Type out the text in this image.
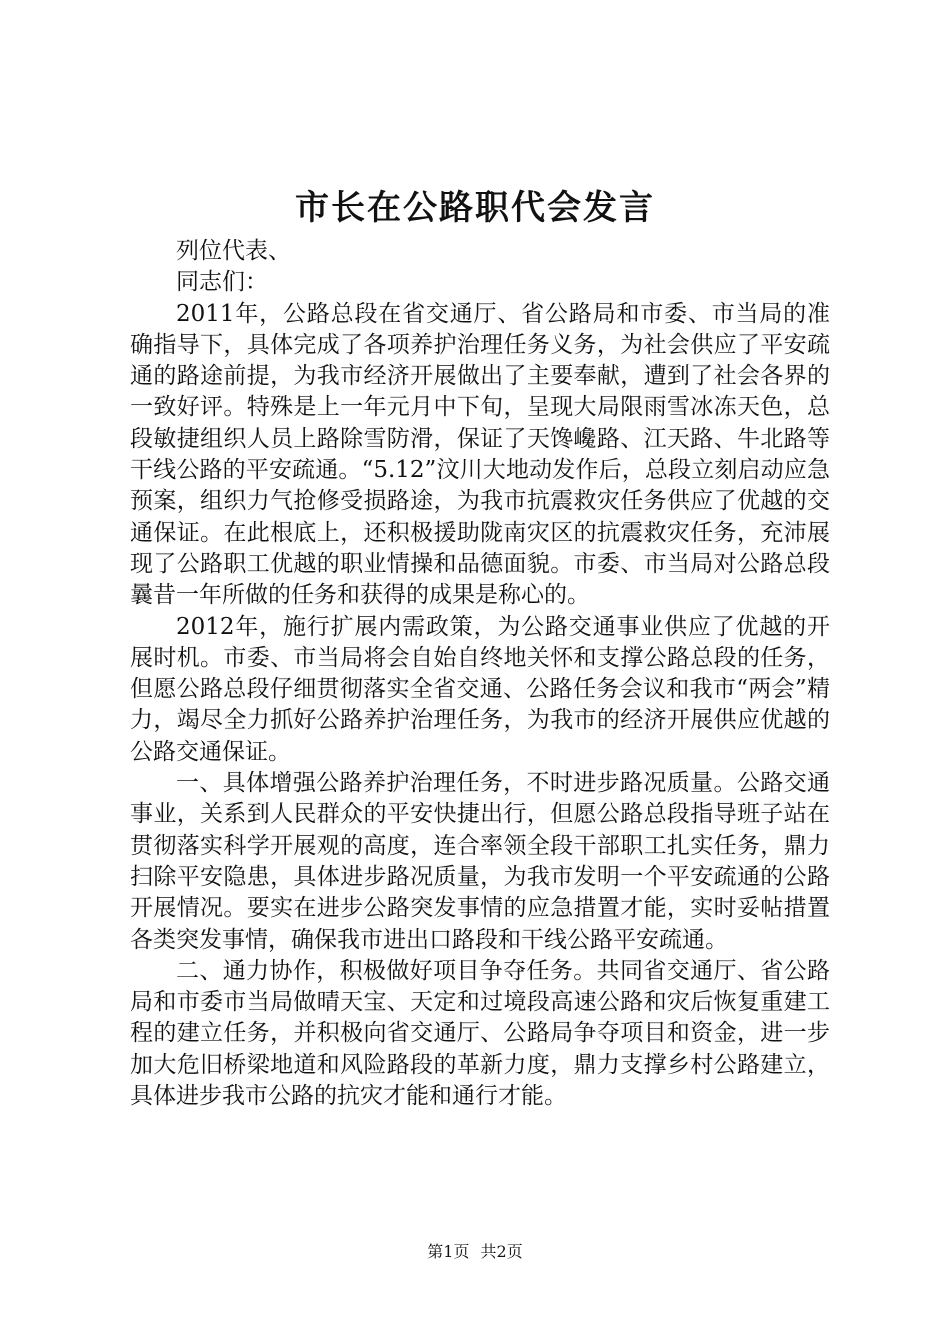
市长在公路职代会发言

列位代表、

同志们：

2011年，公路总段在省交通厅、省公路局和市委、市当局的准确指导下，具体完成了各项养护治理任务义务，为社会供应了平安疏通的路途前提，为我市经济开展做出了主要奉献，遭到了社会各界的一致好评。特殊是上一年元月中下旬，呈现大局限雨雪冰冻天色，总段敏捷组织人员上路除雪防滑，保证了天馋巉路、江天路、牛北路等干线公路的平安疏通。“5.12”汶川大地动发作后，总段立刻启动应急预案，组织力气抢修受损路途，为我市抗震救灾任务供应了优越的交通保证。在此根底上，还积极援助陇南灾区的抗震救灾任务，充沛展现了公路职工优越的职业情操和品德面貌。市委、市当局对公路总段曩昔一年所做的任务和获得的成果是称心的。

2012年，施行扩展内需政策，为公路交通事业供应了优越的开展时机。市委、市当局将会自始自终地关怀和支撑公路总段的任务，但愿公路总段仔细贯彻落实全省交通、公路任务会议和我市“两会”精力，竭尽全力抓好公路养护治理任务，为我市的经济开展供应优越的公路交通保证。

一、具体增强公路养护治理任务，不时进步路况质量。公路交通事业，关系到人民群众的平安快捷出行，但愿公路总段指导班子站在贯彻落实科学开展观的高度，连合率领全段干部职工扎实任务，鼎力扫除平安隐患，具体进步路况质量，为我市发明一个平安疏通的公路开展情况。要实在进步公路突发事情的应急措置才能，实时妥帖措置各类突发事情，确保我市进出口路段和干线公路平安疏通。

二、通力协作，积极做好项目争夺任务。共同省交通厅、省公路局和市委市当局做晴天宝、天定和过境段高速公路和灾后恢复重建工程的建立任务，并积极向省交通厅、公路局争夺项目和资金，进一步加大危旧桥梁地道和风险路段的革新力度，鼎力支撑乡村公路建立，具体进步我市公路的抗灾才能和通行才能。

第1页 共2页
